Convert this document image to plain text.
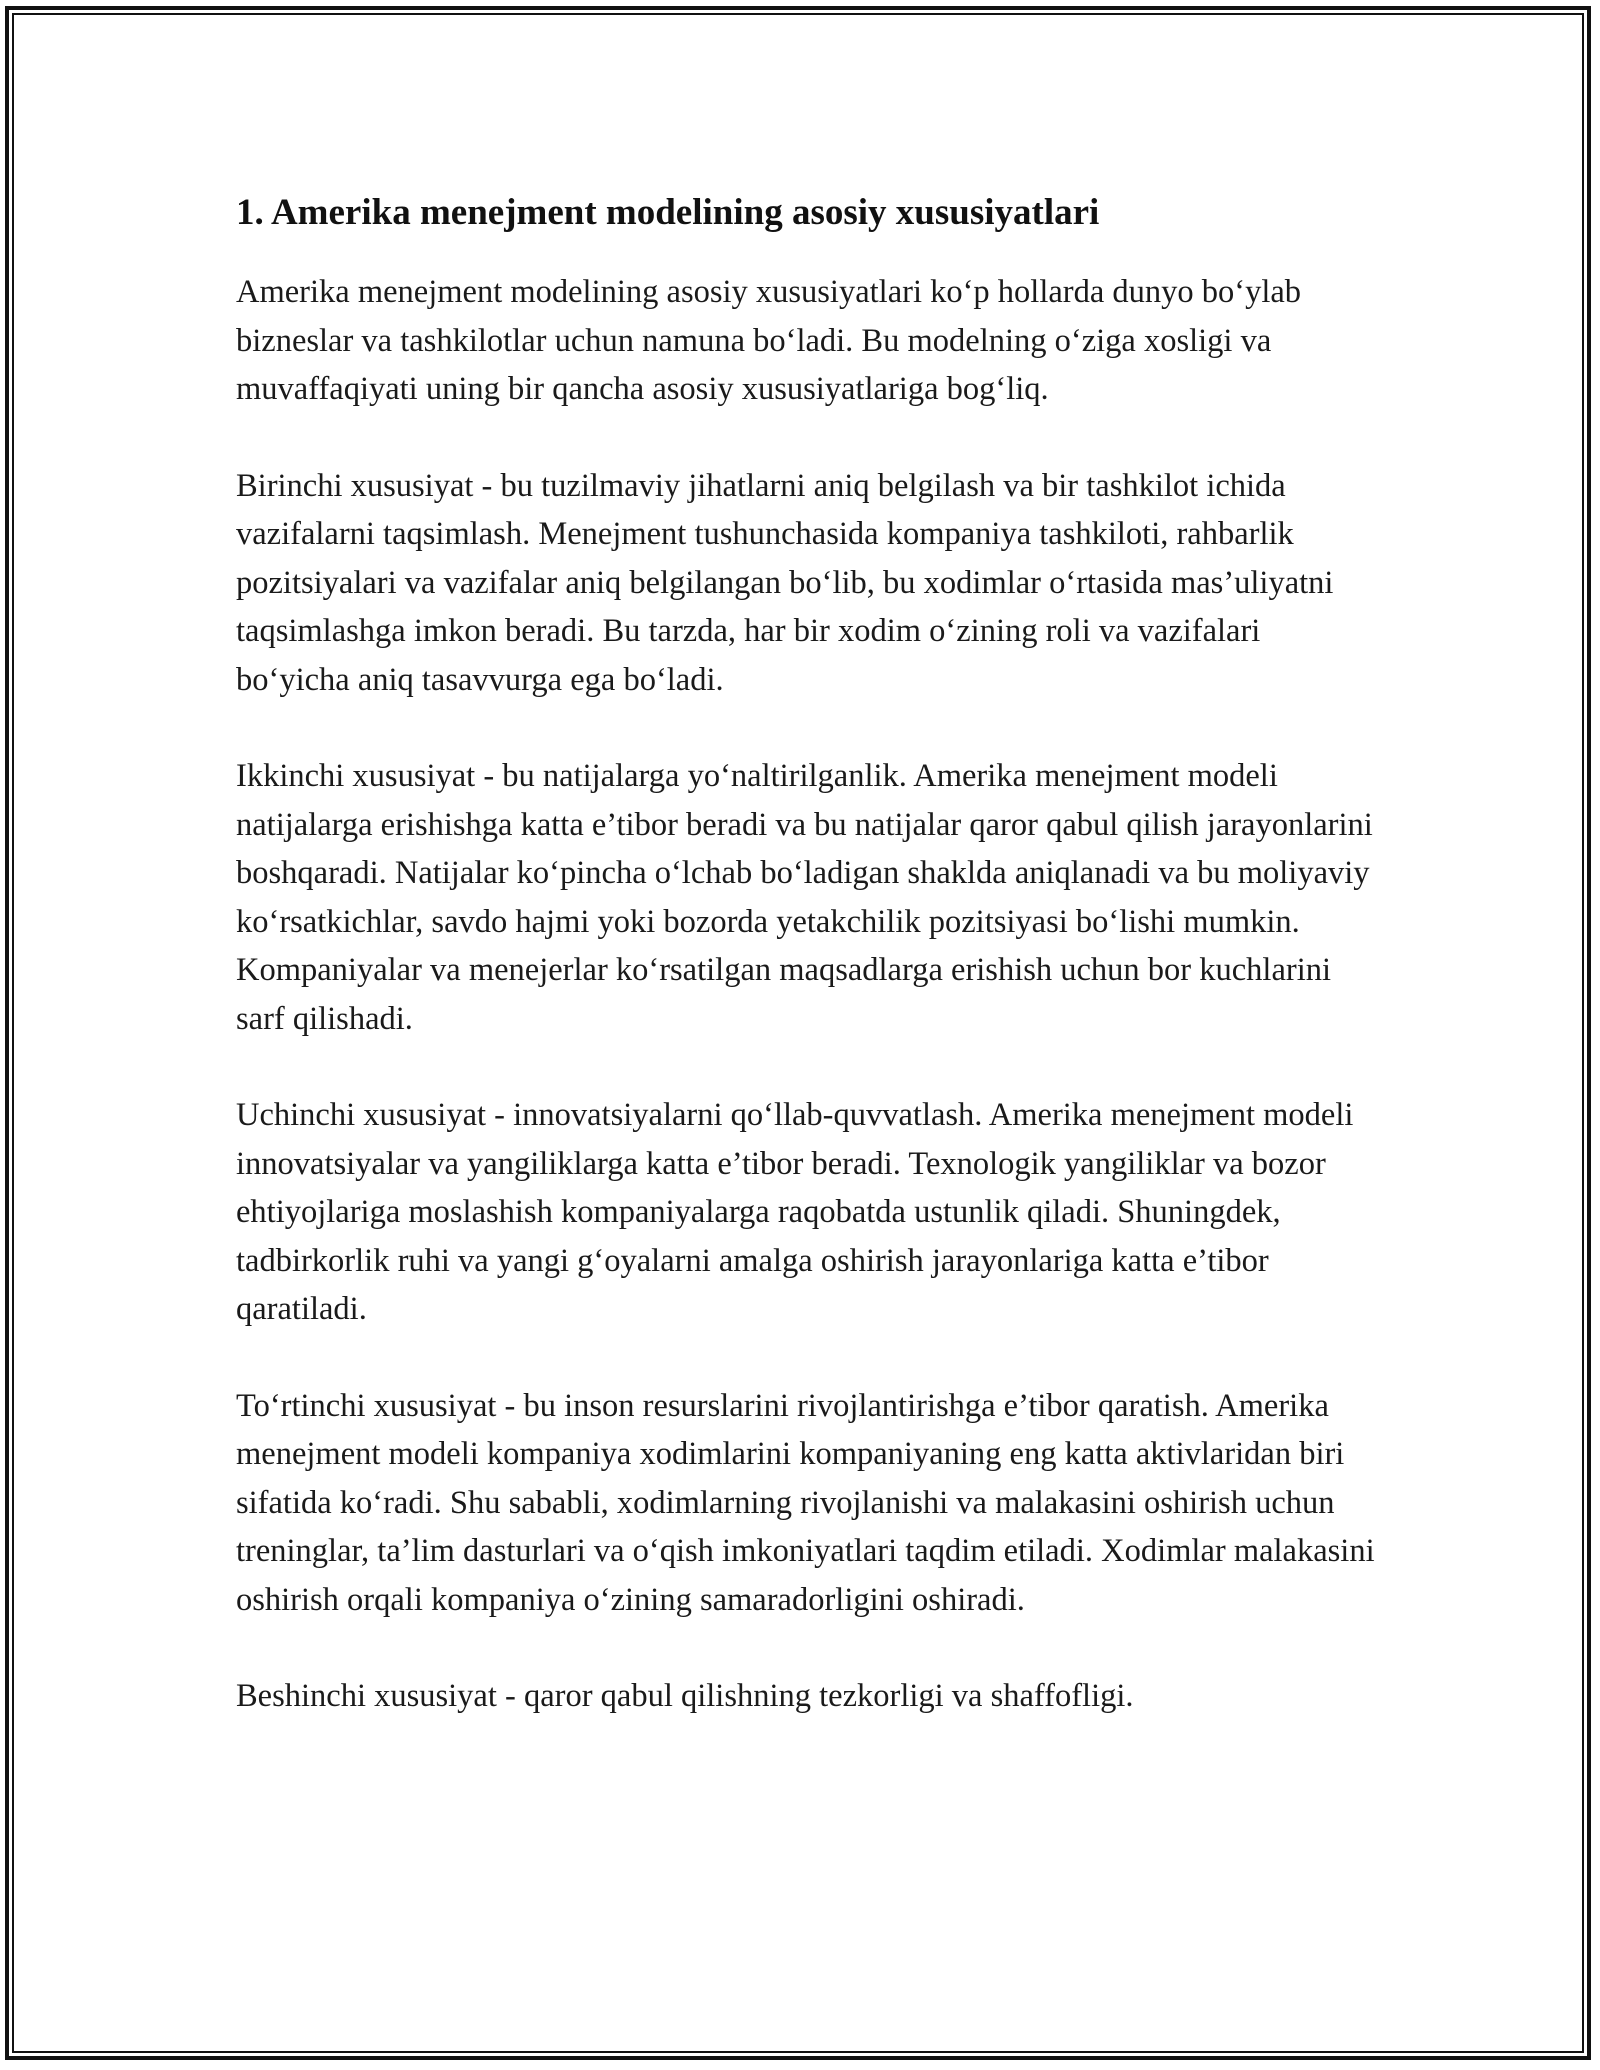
1. Amerika menejment modelining asosiy xususiyatlari

Amerika menejment modelining asosiy xususiyatlari koʻp hollarda dunyo boʻylab bizneslar va tashkilotlar uchun namuna boʻladi. Bu modelning oʻziga xosligi va muvaffaqiyati uning bir qancha asosiy xususiyatlariga bogʻliq.

Birinchi xususiyat - bu tuzilmaviy jihatlarni aniq belgilash va bir tashkilot ichida vazifalarni taqsimlash. Menejment tushunchasida kompaniya tashkiloti, rahbarlik pozitsiyalari va vazifalar aniq belgilangan boʻlib, bu xodimlar oʻrtasida mas’uliyatni taqsimlashga imkon beradi. Bu tarzda, har bir xodim oʻzining roli va vazifalari boʻyicha aniq tasavvurga ega boʻladi.

Ikkinchi xususiyat - bu natijalarga yoʻnaltirilganlik. Amerika menejment modeli natijalarga erishishga katta e’tibor beradi va bu natijalar qaror qabul qilish jarayonlarini boshqaradi. Natijalar koʻpincha oʻlchab boʻladigan shaklda aniqlanadi va bu moliyaviy koʻrsatkichlar, savdo hajmi yoki bozorda yetakchilik pozitsiyasi boʻlishi mumkin. Kompaniyalar va menejerlar koʻrsatilgan maqsadlarga erishish uchun bor kuchlarini sarf qilishadi.

Uchinchi xususiyat - innovatsiyalarni qoʻllab-quvvatlash. Amerika menejment modeli innovatsiyalar va yangiliklarga katta e’tibor beradi. Texnologik yangiliklar va bozor ehtiyojlariga moslashish kompaniyalarga raqobatda ustunlik qiladi. Shuningdek, tadbirkorlik ruhi va yangi gʻoyalarni amalga oshirish jarayonlariga katta e’tibor qaratiladi.

Toʻrtinchi xususiyat - bu inson resurslarini rivojlantirishga e’tibor qaratish. Amerika menejment modeli kompaniya xodimlarini kompaniyaning eng katta aktivlaridan biri sifatida koʻradi. Shu sababli, xodimlarning rivojlanishi va malakasini oshirish uchun treninglar, ta’lim dasturlari va oʻqish imkoniyatlari taqdim etiladi. Xodimlar malakasini oshirish orqali kompaniya oʻzining samaradorligini oshiradi.

Beshinchi xususiyat - qaror qabul qilishning tezkorligi va shaffofligi.
